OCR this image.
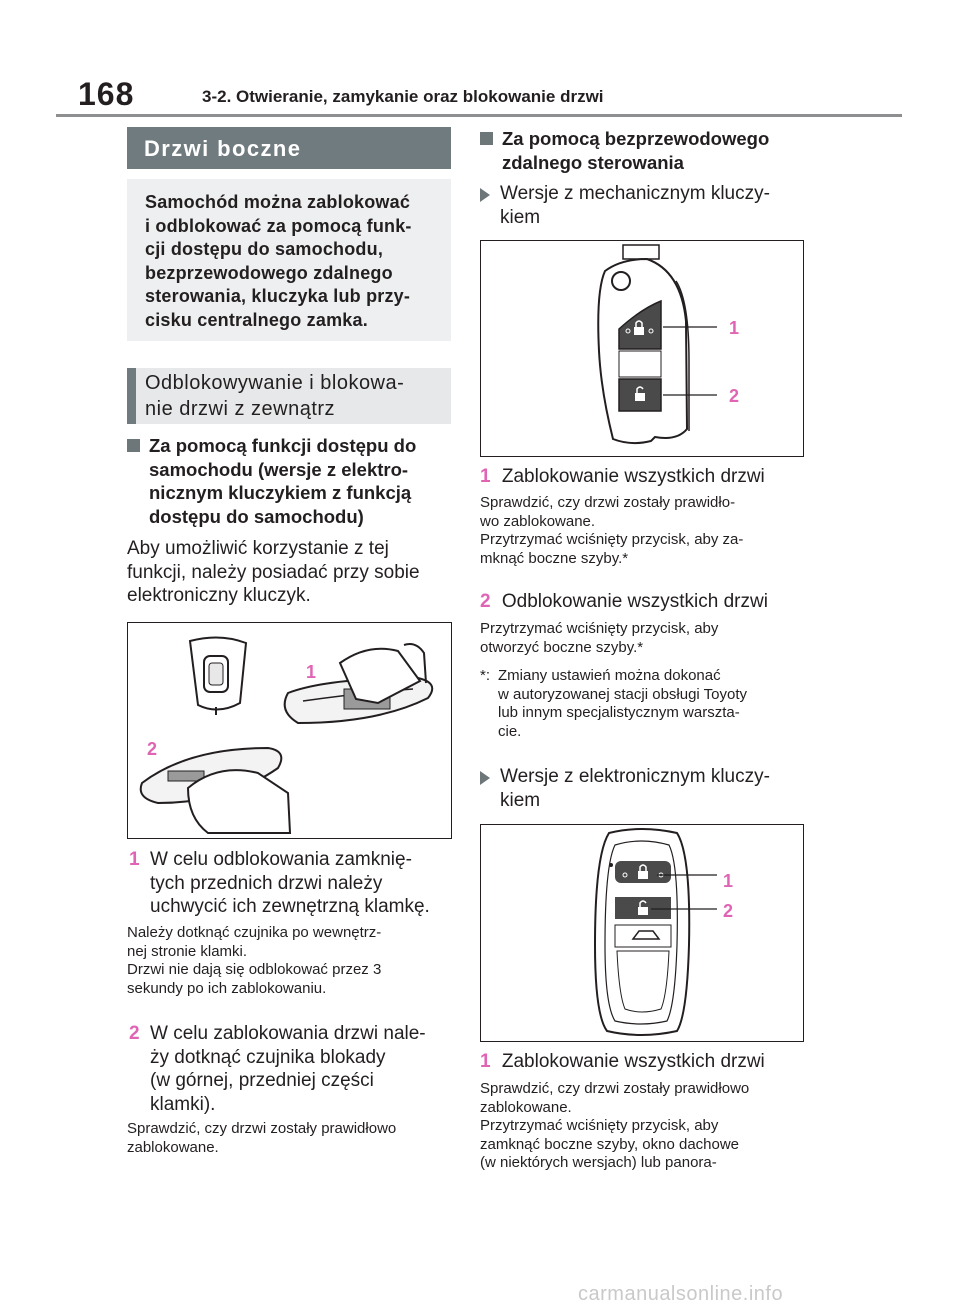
168	3-2. Otwieranie, zamykanie oraz blokowanie drzwi
Drzwi boczne

Samochód można zablokować
i odblokować za pomocą funk-
cji dostępu do samochodu,
bezprzewodowego zdalnego
sterowania, kluczyka lub przy-
cisku centralnego zamka.

Odblokowywanie i blokowa-
nie drzwi z zewnątrz

Za pomocą funkcji dostępu do
samochodu (wersje z elektro-
nicznym kluczykiem z funkcją
dostępu do samochodu)

Aby umożliwić korzystanie z tej
funkcji, należy posiadać przy sobie
elektroniczny kluczyk.
1
2
1 W celu odblokowania zamknię-
tych przednich drzwi należy
uchwycić ich zewnętrzną klamkę.
Należy dotknąć czujnika po wewnętrz-
nej stronie klamki.
Drzwi nie dają się odblokować przez 3
sekundy po ich zablokowaniu.
2 W celu zablokowania drzwi nale-
ży dotknąć czujnika blokady
(w górnej, przedniej części
klamki).
Sprawdzić, czy drzwi zostały prawidłowo
zablokowane.

Za pomocą bezprzewodowego
zdalnego sterowania

Wersje z mechanicznym kluczy-
kiem
1
2
1 Zablokowanie wszystkich drzwi
Sprawdzić, czy drzwi zostały prawidło-
wo zablokowane.
Przytrzymać wciśnięty przycisk, aby za-
mknąć boczne szyby.*
2 Odblokowanie wszystkich drzwi
Przytrzymać wciśnięty przycisk, aby
otworzyć boczne szyby.*
*: Zmiany ustawień można dokonać
w autoryzowanej stacji obsługi Toyoty
lub innym specjalistycznym warszta-
cie.
Wersje z elektronicznym kluczy-
kiem
1
2
1 Zablokowanie wszystkich drzwi
Sprawdzić, czy drzwi zostały prawidłowo
zablokowane.
Przytrzymać wciśnięty przycisk, aby
zamknąć boczne szyby, okno dachowe
(w niektórych wersjach) lub panora-
carmanualsonline.info
